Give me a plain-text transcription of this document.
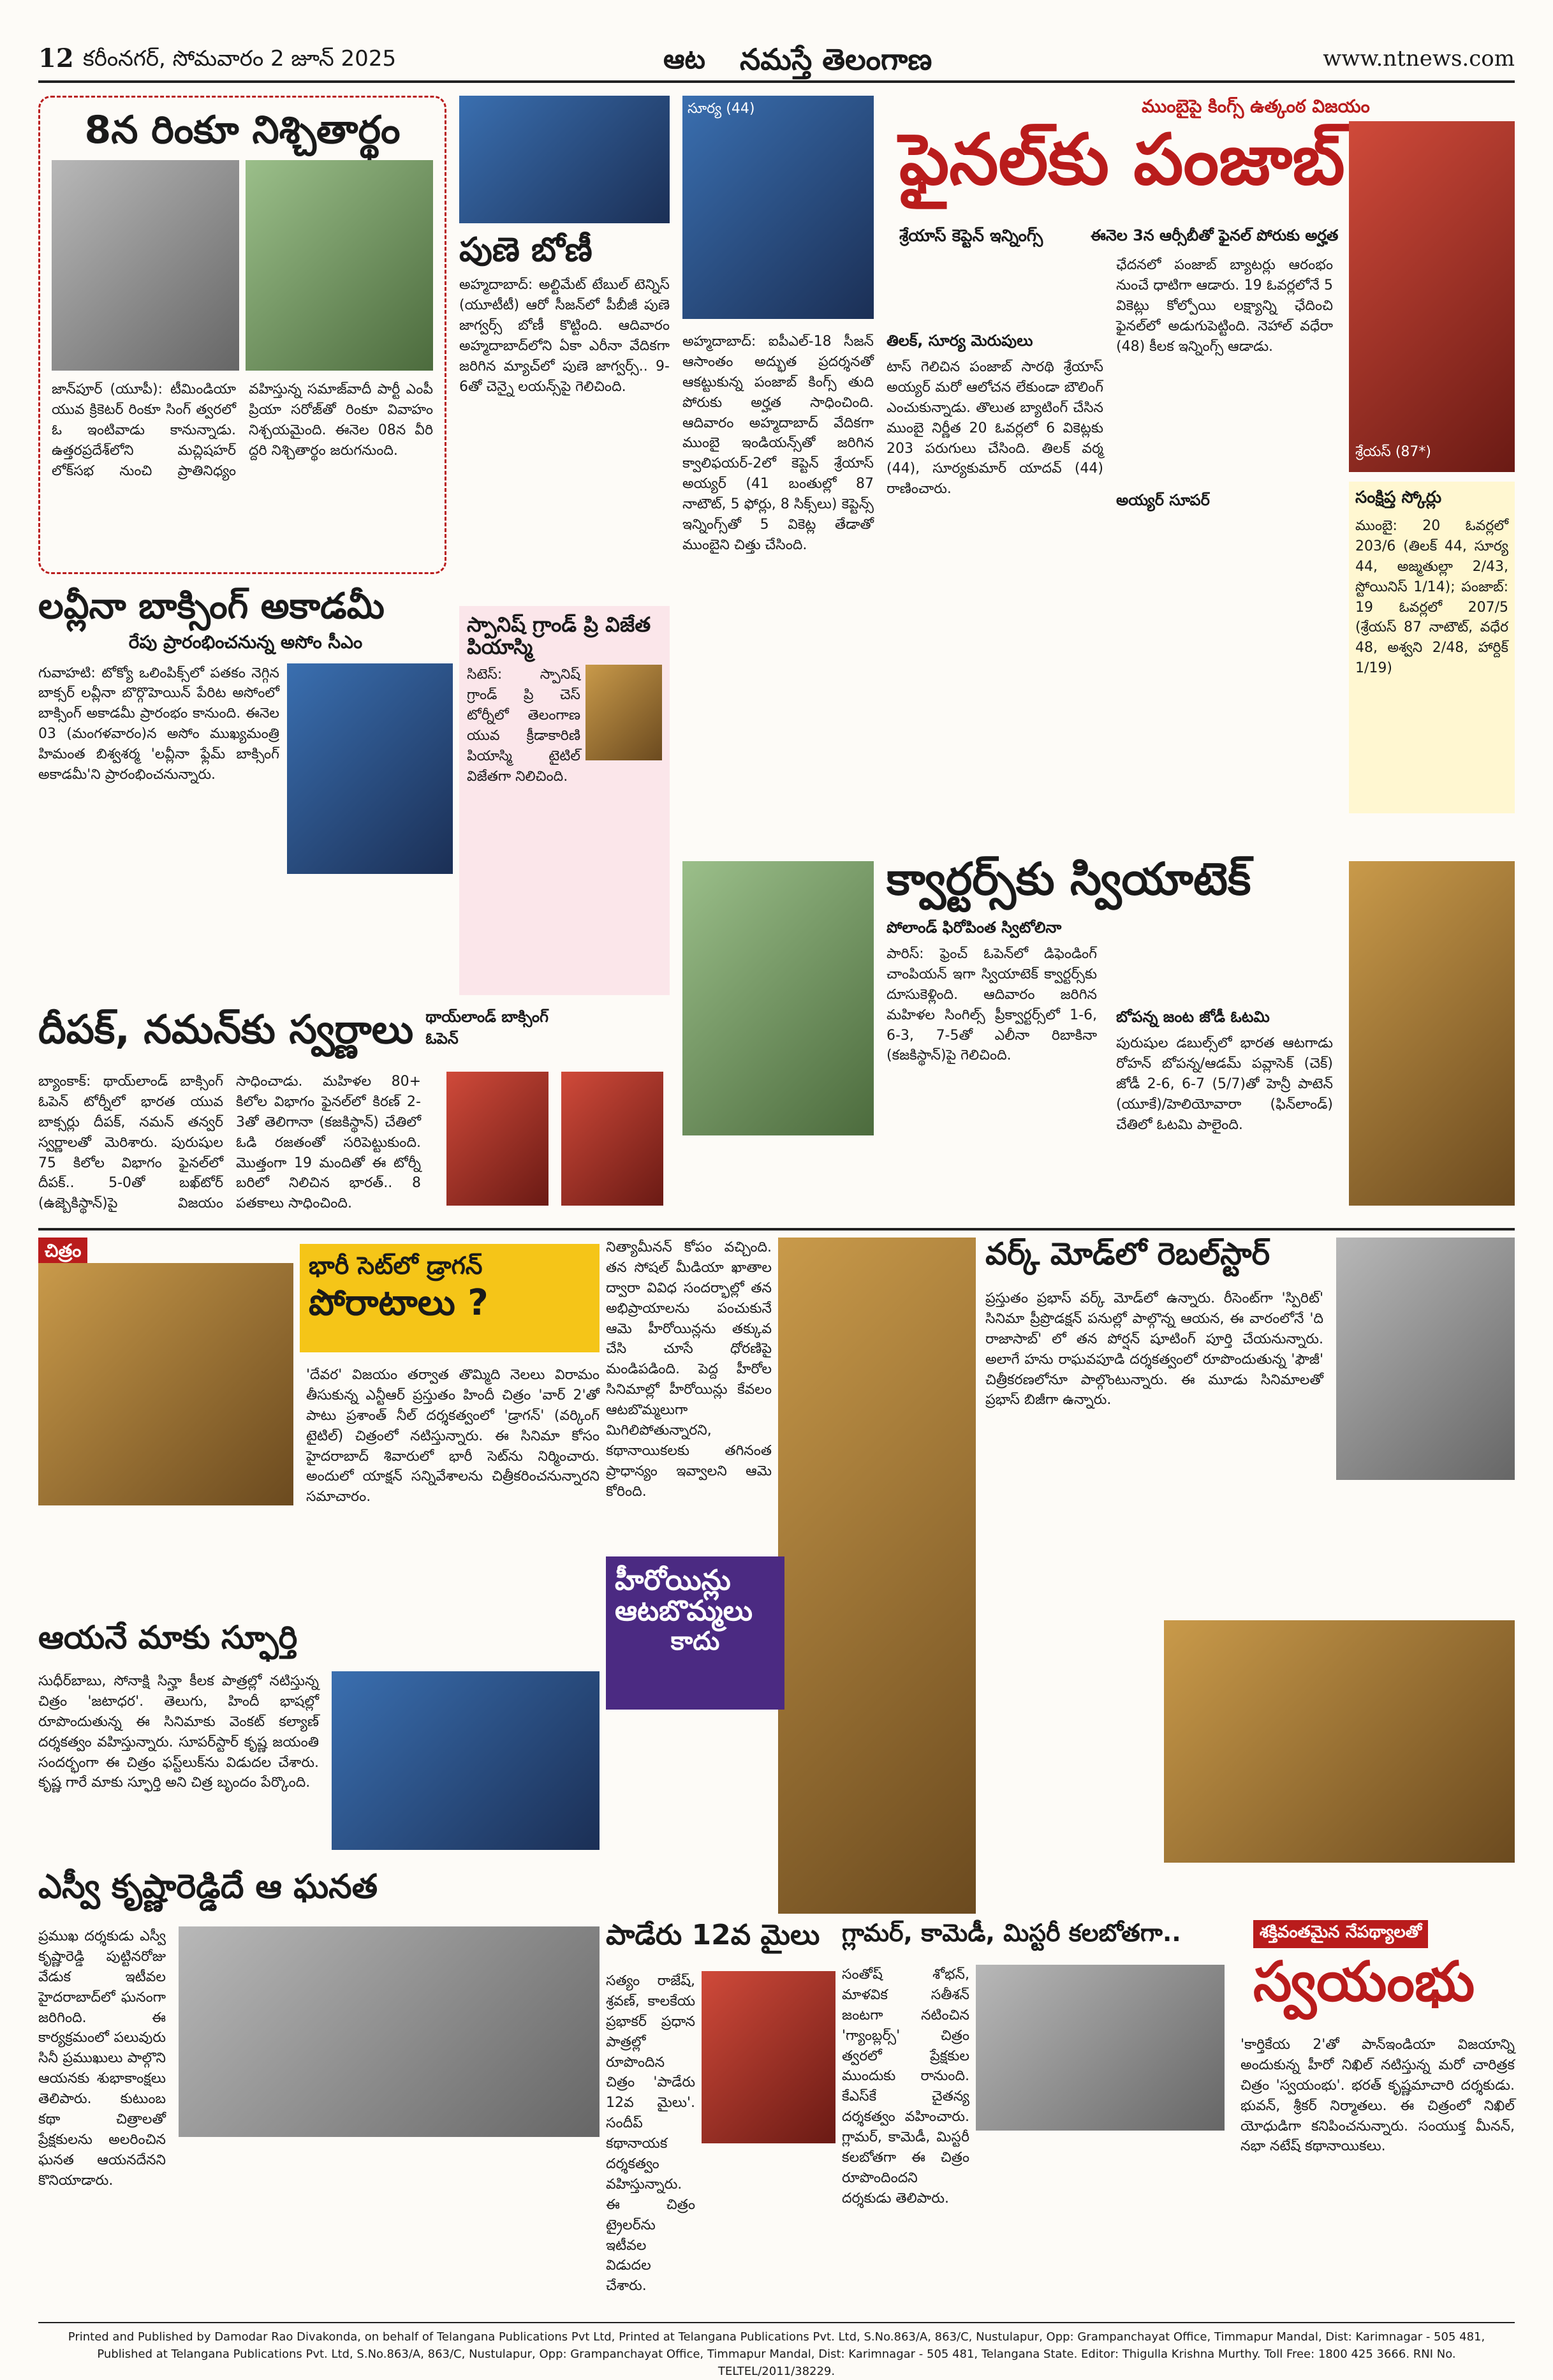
12 కరీంనగర్, సోమవారం 2 జూన్ 2025	ఆట నమస్తే తెలంగాణ	www.ntnews.com
8న రింకూ నిశ్చితార్థం
జాన్‌పూర్‌ (యూపీ): టీమిండియా యువ క్రికెటర్‌ రింకూ సింగ్‌ త్వరలో ఓ ఇంటివాడు కానున్నాడు. ఉత్తరప్రదేశ్‌లోని మచ్లిషహర్‌ లోక్‌సభ నుంచి ప్రాతినిధ్యం వహిస్తున్న సమాజ్‌వాదీ పార్టీ ఎంపీ ప్రియా సరోజ్‌తో రింకూ వివాహం నిశ్చయమైంది. ఈనెల 08న వీరి ద్దరి నిశ్చితార్థం జరుగనుంది.
పుణె బోణీ
అహ్మదాబాద్‌: అల్టిమేట్‌ టేబుల్‌ టెన్నిస్‌ (యూటీటీ) ఆరో సీజన్‌లో పీబీజీ పుణె జాగ్వర్స్‌ బోణీ కొట్టింది. ఆదివారం అహ్మదాబాద్‌లోని ఏకా ఎరీనా వేదికగా జరిగిన మ్యాచ్‌లో పుణె జాగ్వర్స్‌.. 9-6తో చెన్నై లయన్స్‌పై గెలిచింది.
స్పానిష్‌ గ్రాండ్‌ ప్రి విజేత పియాస్మి
సిటెస్‌: స్పానిష్‌ గ్రాండ్‌ ప్రి చెస్‌ టోర్నీలో తెలంగాణ యువ క్రీడాకారిణి పియాస్మి టైటిల్‌ విజేతగా నిలిచింది.
లవ్లీనా బాక్సింగ్‌ అకాడమీ
రేపు ప్రారంభించనున్న అసోం సీఎం
గువాహటి: టోక్యో ఒలింపిక్స్‌లో పతకం నెగ్గిన బాక్సర్‌ లవ్లీనా బొర్గొహెయిన్‌ పేరిట అసోంలో బాక్సింగ్‌ అకాడమీ ప్రారంభం కానుంది. ఈనెల 03 (మంగళవారం)న అసోం ముఖ్యమంత్రి హిమంత బిశ్వశర్మ 'లవ్లీనా ఫ్లేమ్‌ బాక్సింగ్‌ అకాడమీ'ని ప్రారంభించనున్నారు.
సూర్య (44)	ముంబైపై కింగ్స్‌ ఉత్కంఠ విజయం
ఫైనల్‌కు పంజాబ్‌
శ్రేయాస్‌ కెప్టెన్‌ ఇన్నింగ్స్‌	ఈనెల 3న ఆర్సీబీతో ఫైనల్‌ పోరుకు అర్హత
శ్రేయస్‌ (87*)
అహ్మదాబాద్‌: ఐపీఎల్‌-18 సీజన్‌ ఆసాంతం అద్భుత ప్రదర్శనతో ఆకట్టుకున్న పంజాబ్‌ కింగ్స్‌ తుది పోరుకు అర్హత సాధించింది. ఆదివారం అహ్మదాబాద్‌ వేదికగా ముంబై ఇండియన్స్‌తో జరిగిన క్వాలిఫయర్‌-2లో కెప్టెన్‌ శ్రేయాస్‌ అయ్యర్‌ (41 బంతుల్లో 87 నాటౌట్‌, 5 ఫోర్లు, 8 సిక్స్‌లు) కెప్టెన్స్‌ ఇన్నింగ్స్‌తో 5 వికెట్ల తేడాతో ముంబైని చిత్తు చేసింది.
తిలక్‌, సూర్య మెరుపులు
టాస్‌ గెలిచిన పంజాబ్‌ సారథి శ్రేయాస్‌ అయ్యర్‌ మరో ఆలోచన లేకుండా బౌలింగ్‌ ఎంచుకున్నాడు. తొలుత బ్యాటింగ్‌ చేసిన ముంబై నిర్ణీత 20 ఓవర్లలో 6 వికెట్లకు 203 పరుగులు చేసింది. తిలక్‌ వర్మ (44), సూర్యకుమార్‌ యాదవ్‌ (44) రాణించారు.
ఛేదనలో పంజాబ్‌ బ్యాటర్లు ఆరంభం నుంచే ధాటిగా ఆడారు. 19 ఓవర్లలోనే 5 వికెట్లు కోల్పోయి లక్ష్యాన్ని ఛేదించి ఫైనల్‌లో అడుగుపెట్టింది. నెహాల్‌ వధేరా (48) కీలక ఇన్నింగ్స్‌ ఆడాడు.
అయ్యర్‌ సూపర్‌	సంక్షిప్త స్కోర్లు
ముంబై: 20 ఓవర్లలో 203/6 (తిలక్‌ 44, సూర్య 44, అజ్మతుల్లా 2/43, స్టోయినిస్‌ 1/14); పంజాబ్‌: 19 ఓవర్లలో 207/5 (శ్రేయస్‌ 87 నాటౌట్‌, వధేర 48, అశ్వని 2/48, హార్దిక్‌ 1/19)
క్వార్టర్స్‌కు స్వియాటెక్‌
పోలాండ్‌ ఫిరోపింత స్విటోలినా
పారిస్‌: ఫ్రెంచ్‌ ఓపెన్‌లో డిఫెండింగ్‌ చాంపియన్‌ ఇగా స్వియాటెక్‌ క్వార్టర్స్‌కు దూసుకెళ్లింది. ఆదివారం జరిగిన మహిళల సింగిల్స్‌ ప్రీక్వార్టర్స్‌లో 1-6, 6-3, 7-5తో ఎలీనా రిబాకినా (కజకిస్థాన్‌)పై గెలిచింది.
బోపన్న జంట జోడీ ఓటమి
పురుషుల డబుల్స్‌లో భారత ఆటగాడు రోహన్‌ బోపన్న/ఆడమ్‌ పవ్లాసెక్‌ (చెక్‌) జోడీ 2-6, 6-7 (5/7)తో హెన్రీ పాటెన్‌ (యూకే)/హెలియోవారా (ఫిన్‌లాండ్‌) చేతిలో ఓటమి పాలైంది.
దీపక్‌, నమన్‌కు స్వర్ణాలు థాయ్‌లాండ్‌ బాక్సింగ్‌ ఓపెన్‌
బ్యాంకాక్‌: థాయ్‌లాండ్‌ బాక్సింగ్‌ ఓపెన్‌ టోర్నీలో భారత యువ బాక్సర్లు దీపక్‌, నమన్‌ తన్వర్‌ స్వర్ణాలతో మెరిశారు. పురుషుల 75 కిలోల విభాగం ఫైనల్‌లో దీపక్‌.. 5-0తో బఖ్‌టోర్‌ (ఉజ్బెకిస్థాన్‌)పై విజయం సాధించాడు. మహిళల 80+ కిలోల విభాగం ఫైనల్‌లో కిరణ్‌ 2-3తో తెలిగానా (కజకిస్థాన్‌) చేతిలో ఓడి రజతంతో సరిపెట్టుకుంది. మొత్తంగా 19 మందితో ఈ టోర్నీ బరిలో నిలిచిన భారత్‌.. 8 పతకాలు సాధించింది.
చిత్రం
భారీ సెట్‌లో డ్రాగన్‌
పోరాటాలు ?
'దేవర' విజయం తర్వాత తొమ్మిది నెలలు విరామం తీసుకున్న ఎన్టీఆర్‌ ప్రస్తుతం హిందీ చిత్రం 'వార్‌ 2'తో పాటు ప్రశాంత్‌ నీల్‌ దర్శకత్వంలో 'డ్రాగన్‌' (వర్కింగ్‌ టైటిల్‌) చిత్రంలో నటిస్తున్నారు. ఈ సినిమా కోసం హైదరాబాద్‌ శివారులో భారీ సెట్‌ను నిర్మించారు. అందులో యాక్షన్‌ సన్నివేశాలను చిత్రీకరించనున్నారని సమాచారం.
నిత్యామీనన్‌ కోపం వచ్చింది. తన సోషల్‌ మీడియా ఖాతాల ద్వారా వివిధ సందర్భాల్లో తన అభిప్రాయాలను పంచుకునే ఆమె హీరోయిన్లను తక్కువ చేసి చూసే ధోరణిపై మండిపడింది. పెద్ద హీరోల సినిమాల్లో హీరోయిన్లు కేవలం ఆటబొమ్మలుగా మిగిలిపోతున్నారని, కథానాయికలకు తగినంత ప్రాధాన్యం ఇవ్వాలని ఆమె కోరింది.
హీరోయిన్లు
ఆటబొమ్మలు
కాదు
వర్క్‌ మోడ్‌లో రెబల్‌స్టార్‌
ప్రస్తుతం ప్రభాస్‌ వర్క్‌ మోడ్‌లో ఉన్నారు. రీసెంట్‌గా 'స్పిరిట్‌' సినిమా ప్రీప్రొడక్షన్‌ పనుల్లో పాల్గొన్న ఆయన, ఈ వారంలోనే 'ది రాజాసాబ్‌' లో తన పోర్షన్‌ షూటింగ్‌ పూర్తి చేయనున్నారు. అలాగే హను రాఘవపూడి దర్శకత్వంలో రూపొందుతున్న 'ఫౌజీ' చిత్రీకరణలోనూ పాల్గొంటున్నారు. ఈ మూడు సినిమాలతో ప్రభాస్‌ బిజీగా ఉన్నారు.
ఆయనే మాకు స్ఫూర్తి
సుధీర్‌బాబు, సోనాక్షి సిన్హా కీలక పాత్రల్లో నటిస్తున్న చిత్రం 'జటాధర'. తెలుగు, హిందీ భాషల్లో రూపొందుతున్న ఈ సినిమాకు వెంకట్‌ కల్యాణ్‌ దర్శకత్వం వహిస్తున్నారు. సూపర్‌స్టార్‌ కృష్ణ జయంతి సందర్భంగా ఈ చిత్రం ఫస్ట్‌లుక్‌ను విడుదల చేశారు. కృష్ణ గారే మాకు స్ఫూర్తి అని చిత్ర బృందం పేర్కొంది.
ఎస్వీ కృష్ణారెడ్డిదే ఆ ఘనత
ప్రముఖ దర్శకుడు ఎస్వీ కృష్ణారెడ్డి పుట్టినరోజు వేడుక ఇటీవల హైదరాబాద్‌లో ఘనంగా జరిగింది. ఈ కార్యక్రమంలో పలువురు సినీ ప్రముఖులు పాల్గొని ఆయనకు శుభాకాంక్షలు తెలిపారు. కుటుంబ కథా చిత్రాలతో ప్రేక్షకులను అలరించిన ఘనత ఆయనదేనని కొనియాడారు.
పాడేరు 12వ మైలు
సత్యం రాజేష్‌, శ్రవణ్‌, కాలకేయ ప్రభాకర్‌ ప్రధాన పాత్రల్లో రూపొందిన చిత్రం 'పాడేరు 12వ మైలు'. సందీప్‌ కథానాయక దర్శకత్వం వహిస్తున్నారు. ఈ చిత్రం ట్రైలర్‌ను ఇటీవల విడుదల చేశారు.
గ్లామర్‌, కామెడీ, మిస్టరీ కలబోతగా..
సంతోష్‌ శోభన్‌, మాళవిక సతీశన్‌ జంటగా నటించిన 'గ్యాంబ్లర్స్‌' చిత్రం త్వరలో ప్రేక్షకుల ముందుకు రానుంది. కేఎస్‌కే చైతన్య దర్శకత్వం వహించారు. గ్లామర్‌, కామెడీ, మిస్టరీ కలబోతగా ఈ చిత్రం రూపొందిందని దర్శకుడు తెలిపారు.
శక్తివంతమైన నేపథ్యాలతో
స్వయంభు
'కార్తికేయ 2'తో పాన్‌ఇండియా విజయాన్ని అందుకున్న హీరో నిఖిల్‌ నటిస్తున్న మరో చారిత్రక చిత్రం 'స్వయంభు'. భరత్‌ కృష్ణమాచారి దర్శకుడు. భువన్‌, శ్రీకర్‌ నిర్మాతలు. ఈ చిత్రంలో నిఖిల్‌ యోధుడిగా కనిపించనున్నారు. సంయుక్త మీనన్‌, నభా నటేష్‌ కథానాయికలు.
Printed and Published by Damodar Rao Divakonda, on behalf of Telangana Publications Pvt Ltd, Printed at Telangana Publications Pvt. Ltd, S.No.863/A, 863/C, Nustulapur, Opp: Grampanchayat Office, Timmapur Mandal, Dist: Karimnagar - 505 481,
Published at Telangana Publications Pvt. Ltd, S.No.863/A, 863/C, Nustulapur, Opp: Grampanchayat Office, Timmapur Mandal, Dist: Karimnagar - 505 481, Telangana State. Editor: Thigulla Krishna Murthy. Toll Free: 1800 425 3666. RNI No. TELTEL/2011/38229.
